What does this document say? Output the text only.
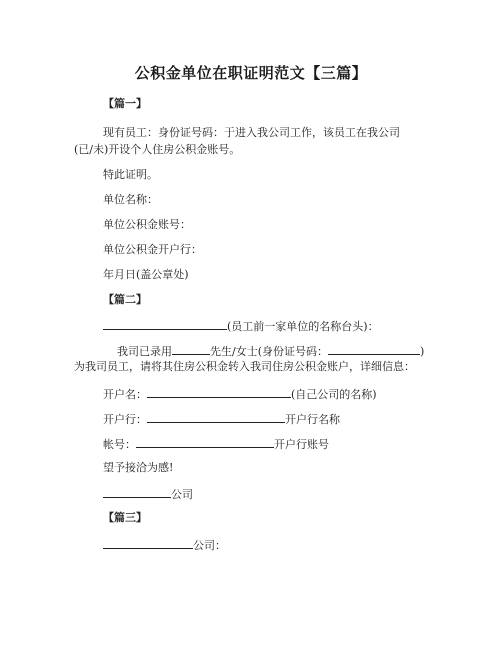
公积金单位在职证明范文【三篇】
【篇一】
现有员工：身份证号码：于进入我公司工作，该员工在我公司
(已/未)开设个人住房公积金账号。
特此证明。
单位名称：
单位公积金账号：
单位公积金开户行：
年月日(盖公章处)
【篇二】
(员工前一家单位的名称台头)：
我司已录用	先生/女士(身份证号码：	)
为我司员工，请将其住房公积金转入我司住房公积金账户，详细信息：
开户名：	(自己公司的名称)
开户行：	开户行名称
帐号：	开户行账号
望予接洽为感!
公司
【篇三】
公司：
